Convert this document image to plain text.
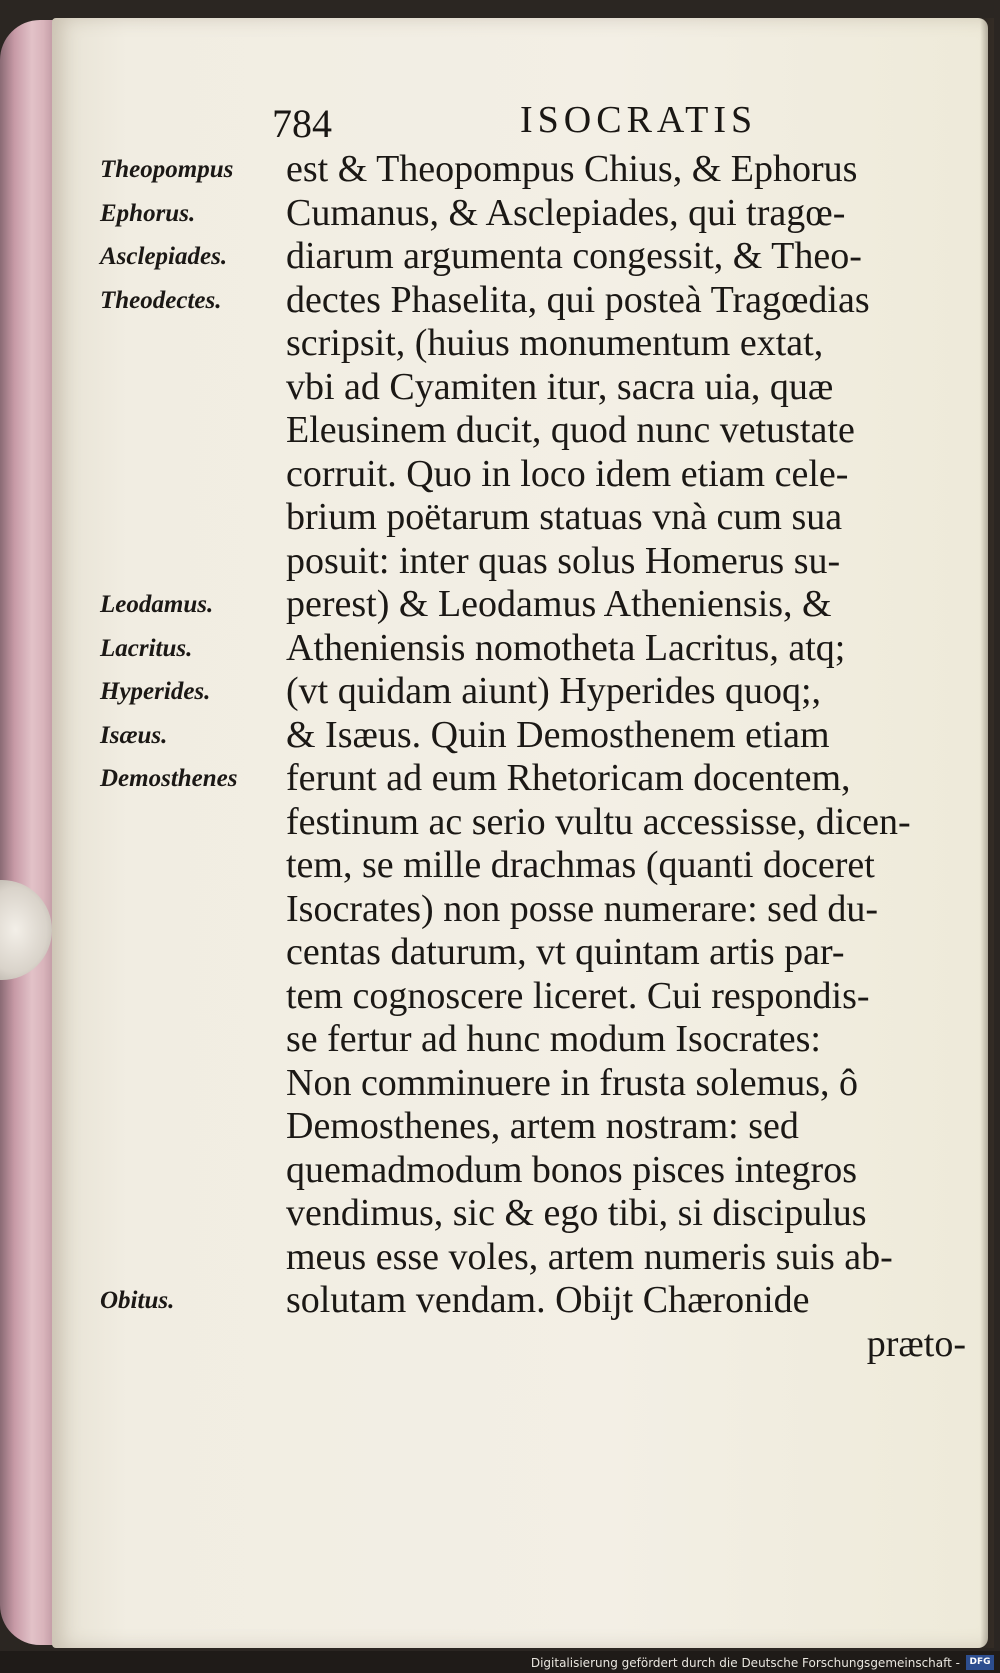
784	ISOCRATIS
est & Theopompus Chius, & Ephorus
Cumanus, & Asclepiades, qui tragœ-
diarum argumenta congessit, & Theo-
dectes Phaselita, qui posteà Tragœdias
scripsit, (huius monumentum extat,
vbi ad Cyamiten itur, sacra uia, quæ
Eleusinem ducit, quod nunc vetustate
corruit. Quo in loco idem etiam cele-
brium poëtarum statuas vnà cum sua
posuit: inter quas solus Homerus su-
perest) & Leodamus Atheniensis, &
Atheniensis nomotheta Lacritus, atq;
(vt quidam aiunt) Hyperides quoq;,
& Isæus. Quin Demosthenem etiam
ferunt ad eum Rhetoricam docentem,
festinum ac serio vultu accessisse, dicen-
tem, se mille drachmas (quanti doceret
Isocrates) non posse numerare: sed du-
centas daturum, vt quintam artis par-
tem cognoscere liceret. Cui respondis-
se fertur ad hunc modum Isocrates:
Non comminuere in frusta solemus, ô
Demosthenes, artem nostram: sed
quemadmodum bonos pisces integros
vendimus, sic & ego tibi, si discipulus
meus esse voles, artem numeris suis ab-
solutam vendam. Obijt Chæronide
præto-
Theopompus
Ephorus.
Asclepiades.
Theodectes.
Leodamus.
Lacritus.
Hyperides.
Isæus.
Demosthenes
Obitus.
Digitalisierung gefördert durch die Deutsche Forschungsgemeinschaft -	DFG
